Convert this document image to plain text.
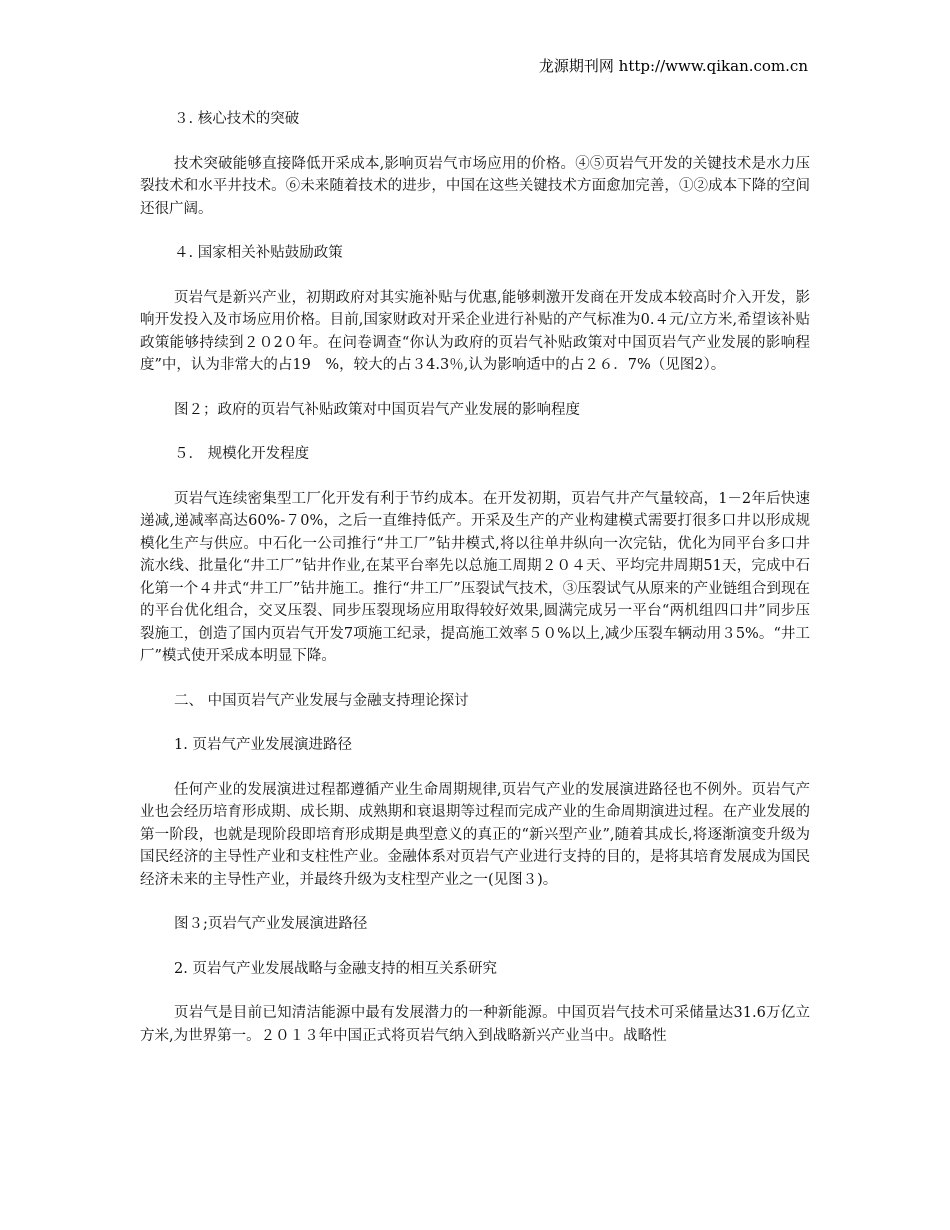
龙源期刊网 http://www.qikan.com.cn

３. 核心技术的突破

技术突破能够直接降低开采成本,影响页岩气市场应用的价格。④⑤页岩气开发的关键技术是水力压裂技术和水平井技术。⑥未来随着技术的进步，中国在这些关键技术方面愈加完善，①②成本下降的空间还很广阔。

４. 国家相关补贴鼓励政策

页岩气是新兴产业，初期政府对其实施补贴与优惠,能够刺激开发商在开发成本较高时介入开发，影响开发投入及市场应用价格。目前,国家财政对开采企业进行补贴的产气标准为0.４元/立方米,希望该补贴政策能够持续到２０2０年。在问卷调查“你认为政府的页岩气补贴政策对中国页岩气产业发展的影响程度”中，认为非常大的占19　%，较大的占３4.3％,认为影响适中的占２６．7%（见图2）。

图２；政府的页岩气补贴政策对中国页岩气产业发展的影响程度

５． 规模化开发程度

页岩气连续密集型工厂化开发有利于节约成本。在开发初期，页岩气井产气量较高，1－2年后快速递减,递减率高达60%-７0%，之后一直维持低产。开采及生产的产业构建模式需要打很多口井以形成规模化生产与供应。中石化一公司推行“井工厂”钻井模式,将以往单井纵向一次完钻，优化为同平台多口井流水线、批量化“井工厂”钻井作业,在某平台率先以总施工周期２０４天、平均完井周期51天，完成中石化第一个４井式“井工厂”钻井施工。推行“井工厂”压裂试气技术，③压裂试气从原来的产业链组合到现在的平台优化组合，交叉压裂、同步压裂现场应用取得较好效果,圆满完成另一平台“两机组四口井”同步压裂施工，创造了国内页岩气开发7项施工纪录，提高施工效率５０%以上,减少压裂车辆动用３5%。“井工厂”模式使开采成本明显下降。

二、 中国页岩气产业发展与金融支持理论探讨

1. 页岩气产业发展演进路径

任何产业的发展演进过程都遵循产业生命周期规律,页岩气产业的发展演进路径也不例外。页岩气产业也会经历培育形成期、成长期、成熟期和衰退期等过程而完成产业的生命周期演进过程。在产业发展的第一阶段，也就是现阶段即培育形成期是典型意义的真正的“新兴型产业”,随着其成长,将逐渐演变升级为国民经济的主导性产业和支柱性产业。金融体系对页岩气产业进行支持的目的，是将其培育发展成为国民经济未来的主导性产业，并最终升级为支柱型产业之一(见图３)。

图３;页岩气产业发展演进路径

2. 页岩气产业发展战略与金融支持的相互关系研究

页岩气是目前已知清洁能源中最有发展潜力的一种新能源。中国页岩气技术可采储量达31.6万亿立方米,为世界第一。２０１３年中国正式将页岩气纳入到战略新兴产业当中。战略性
